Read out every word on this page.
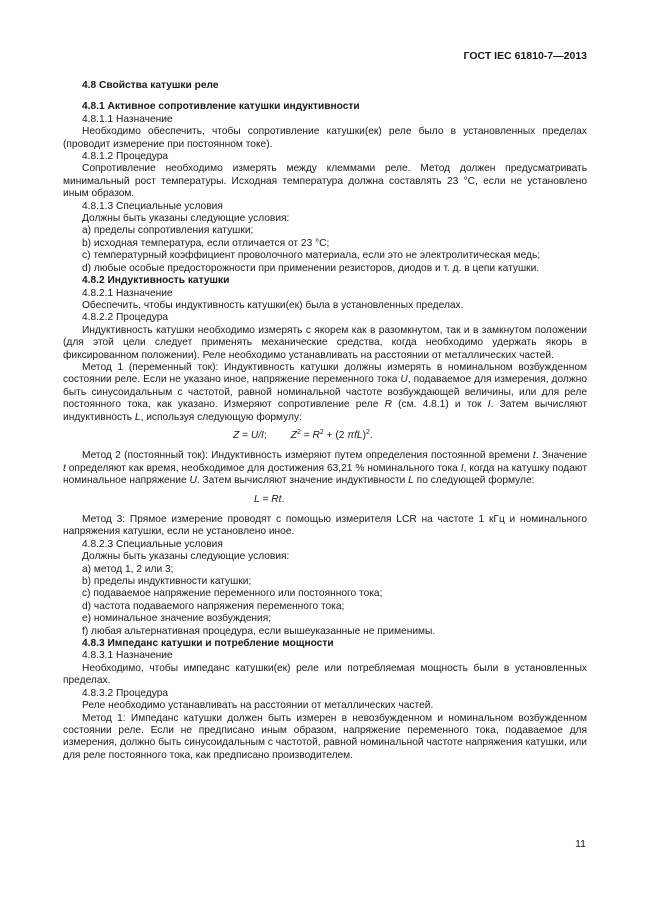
ГОСТ IEC 61810-7—2013

4.8 Свойства катушки реле

4.8.1 Активное сопротивление катушки индуктивности

4.8.1.1 Назначение

Необходимо обеспечить, чтобы сопротивление катушки(ек) реле было в установленных пределах (проводит измерение при постоянном токе).

4.8.1.2 Процедура

Сопротивление необходимо измерять между клеммами реле. Метод должен предусматривать минимальный рост температуры. Исходная температура должна составлять 23 °С, если не установлено иным образом.

4.8.1.3 Специальные условия

Должны быть указаны следующие условия:

a) пределы сопротивления катушки;

b) исходная температура, если отличается от 23 °С;

c) температурный коэффициент проволочного материала, если это не электролитическая медь;

d) любые особые предосторожности при применении резисторов, диодов и т. д. в цепи катушки.

4.8.2 Индуктивность катушки

4.8.2.1 Назначение

Обеспечить, чтобы индуктивность катушки(ек) была в установленных пределах.

4.8.2.2 Процедура

Индуктивность катушки необходимо измерять с якорем как в разомкнутом, так и в замкнутом положении (для этой цели следует применять механические средства, когда необходимо удержать якорь в фиксированном положении). Реле необходимо устанавливать на расстоянии от металлических частей.

Метод 1 (переменный ток): Индуктивность катушки должны измерять в номинальном возбужденном состоянии реле. Если не указано иное, напряжение переменного тока U, подаваемое для измерения, должно быть синусоидальным с частотой, равной номинальной частоте возбуждающей величины, или для реле постоянного тока, как указано. Измеряют сопротивление реле R (см. 4.8.1) и ток I. Затем вычисляют индуктивность L, используя следующую формулу:

Z = U/I; $Z^2 = R^2 + (2$ πfL)$^2$.

Метод 2 (постоянный ток): Индуктивность измеряют путем определения постоянной времени t. Значение t определяют как время, необходимое для достижения 63,21 % номинального тока I, когда на катушку подают номинальное напряжение U. Затем вычисляют значение индуктивности L по следующей формуле:

L = Rt.

Метод 3: Прямое измерение проводят с помощью измерителя LCR на частоте 1 кГц и номинального напряжения катушки, если не установлено иное.

4.8.2.3 Специальные условия

Должны быть указаны следующие условия:

а) метод 1, 2 или 3;

b) пределы индуктивности катушки;

c) подаваемое напряжение переменного или постоянного тока;

d) частота подаваемого напряжения переменного тока;

e) номинальное значение возбуждения;

f) любая альтернативная процедура, если вышеуказанные не применимы.

4.8.3 Импеданс катушки и потребление мощности

4.8.3.1 Назначение

Необходимо, чтобы импеданс катушки(ек) реле или потребляемая мощность были в установленных пределах.

4.8.3.2 Процедура

Реле необходимо устанавливать на расстоянии от металлических частей.

Метод 1: Импеданс катушки должен быть измерен в невозбужденном и номинальном возбужденном состоянии реле. Если не предписано иным образом, напряжение переменного тока, подаваемое для измерения, должно быть синусоидальным с частотой, равной номинальной частоте напряжения катушки, или для реле постоянного тока, как предписано производителем.

11
